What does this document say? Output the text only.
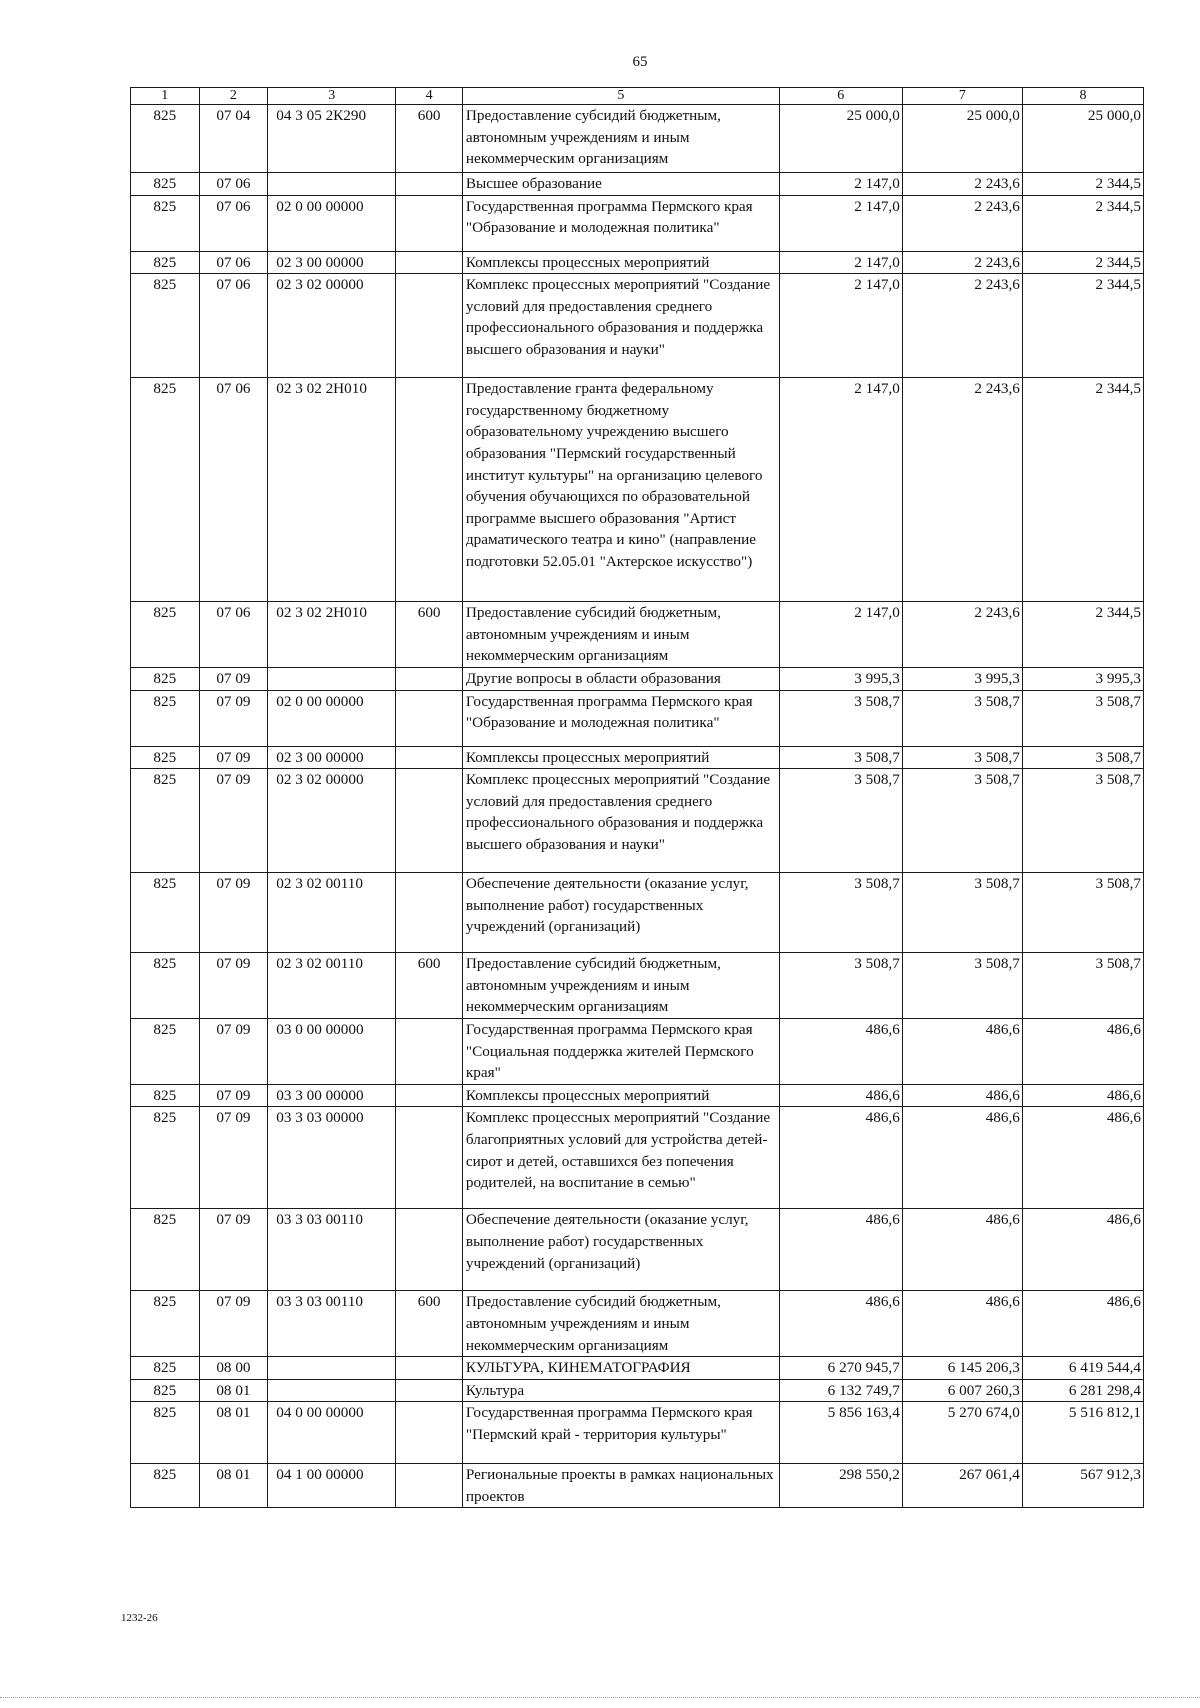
65
1	2	3	4	5	6	7	8
825	07 04	04 3 05 2К290	600	Предоставление субсидий бюджетным, автономным учреждениям и иным некоммерческим организациям	25 000,0	25 000,0	25 000,0
825	07 06			Высшее образование	2 147,0	2 243,6	2 344,5
825	07 06	02 0 00 00000		Государственная программа Пермского края "Образование и молодежная политика"	2 147,0	2 243,6	2 344,5
825	07 06	02 3 00 00000		Комплексы процессных мероприятий	2 147,0	2 243,6	2 344,5
825	07 06	02 3 02 00000		Комплекс процессных мероприятий "Создание условий для предоставления среднего профессионального образования и поддержка высшего образования и науки"	2 147,0	2 243,6	2 344,5
825	07 06	02 3 02 2Н010		Предоставление гранта федеральному государственному бюджетному образовательному учреждению высшего образования "Пермский государственный институт культуры" на организацию целевого обучения обучающихся по образовательной программе высшего образования "Артист драматического театра и кино" (направление подготовки 52.05.01 "Актерское искусство")	2 147,0	2 243,6	2 344,5
825	07 06	02 3 02 2Н010	600	Предоставление субсидий бюджетным, автономным учреждениям и иным некоммерческим организациям	2 147,0	2 243,6	2 344,5
825	07 09			Другие вопросы в области образования	3 995,3	3 995,3	3 995,3
825	07 09	02 0 00 00000		Государственная программа Пермского края "Образование и молодежная политика"	3 508,7	3 508,7	3 508,7
825	07 09	02 3 00 00000		Комплексы процессных мероприятий	3 508,7	3 508,7	3 508,7
825	07 09	02 3 02 00000		Комплекс процессных мероприятий "Создание условий для предоставления среднего профессионального образования и поддержка высшего образования и науки"	3 508,7	3 508,7	3 508,7
825	07 09	02 3 02 00110		Обеспечение деятельности (оказание услуг, выполнение работ) государственных учреждений (организаций)	3 508,7	3 508,7	3 508,7
825	07 09	02 3 02 00110	600	Предоставление субсидий бюджетным, автономным учреждениям и иным некоммерческим организациям	3 508,7	3 508,7	3 508,7
825	07 09	03 0 00 00000		Государственная программа Пермского края "Социальная поддержка жителей Пермского края"	486,6	486,6	486,6
825	07 09	03 3 00 00000		Комплексы процессных мероприятий	486,6	486,6	486,6
825	07 09	03 3 03 00000		Комплекс процессных мероприятий "Создание благоприятных условий для устройства детей-сирот и детей, оставшихся без попечения родителей, на воспитание в семью"	486,6	486,6	486,6
825	07 09	03 3 03 00110		Обеспечение деятельности (оказание услуг, выполнение работ) государственных учреждений (организаций)	486,6	486,6	486,6
825	07 09	03 3 03 00110	600	Предоставление субсидий бюджетным, автономным учреждениям и иным некоммерческим организациям	486,6	486,6	486,6
825	08 00			КУЛЬТУРА, КИНЕМАТОГРАФИЯ	6 270 945,7	6 145 206,3	6 419 544,4
825	08 01			Культура	6 132 749,7	6 007 260,3	6 281 298,4
825	08 01	04 0 00 00000		Государственная программа Пермского края "Пермский край - территория культуры"	5 856 163,4	5 270 674,0	5 516 812,1
825	08 01	04 1 00 00000		Региональные проекты в рамках национальных проектов	298 550,2	267 061,4	567 912,3
1232-26
